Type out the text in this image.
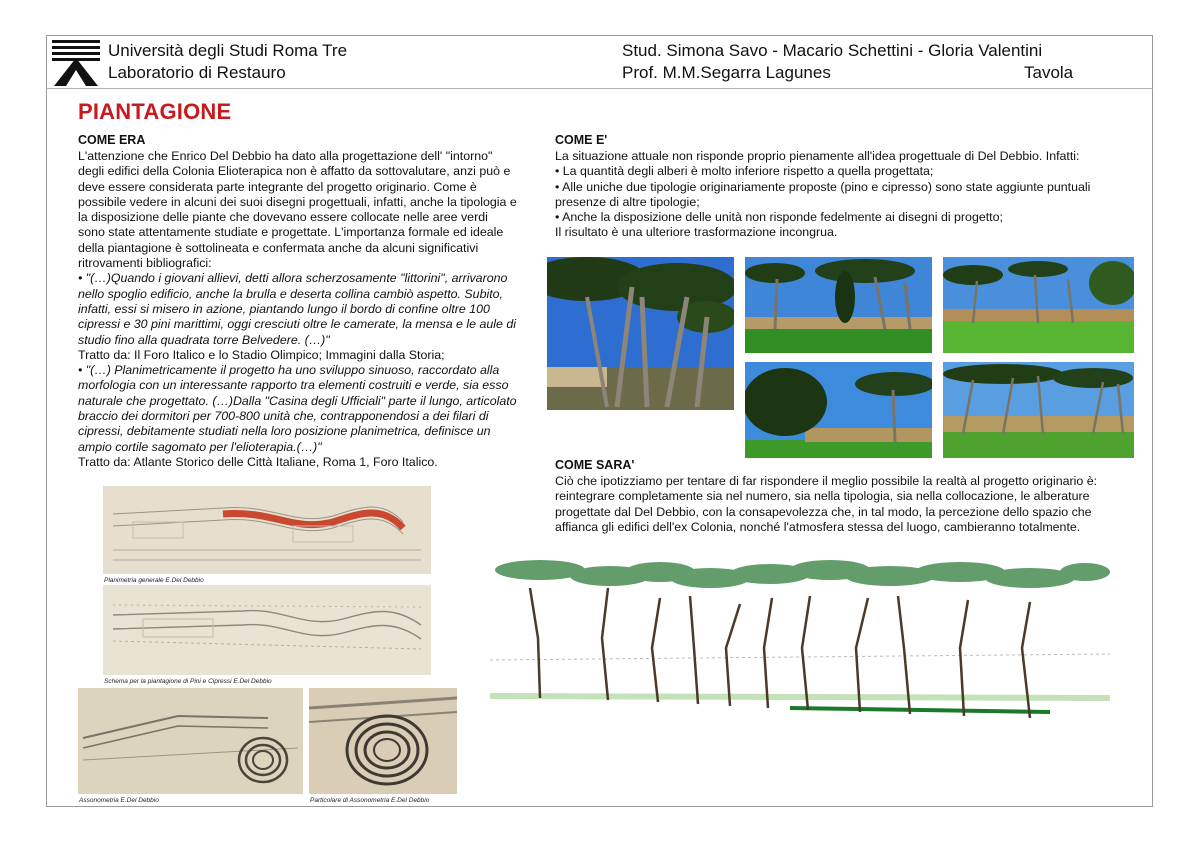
Università degli Studi Roma Tre
Laboratorio di Restauro
Stud. Simona Savo - Macario Schettini - Gloria Valentini
Prof. M.M.Segarra Lagunes	Tavola
PIANTAGIONE
COME ERA

L'attenzione che Enrico Del Debbio ha dato alla progettazione dell' "intorno" degli edifici della Colonia Elioterapica non è affatto da sottovalutare, anzi può e deve essere considerata parte integrante del progetto originario. Come è possibile vedere in alcuni dei suoi disegni progettuali, infatti, anche la tipologia e la disposizione delle piante che dovevano essere collocate nelle aree verdi sono state attentamente studiate e progettate. L'importanza formale ed ideale della piantagione è sottolineata e confermata anche da alcuni significativi ritrovamenti bibliografici:

• "(…)Quando i giovani allievi, detti allora scherzosamente "littorini", arrivarono nello spoglio edificio, anche la brulla e deserta collina cambiò aspetto. Subito, infatti, essi si misero in azione, piantando lungo il bordo di confine oltre 100 cipressi e 30 pini marittimi, oggi cresciuti oltre le camerate, la mensa e le aule di studio fino alla quadrata torre Belvedere. (…)"

Tratto da: Il Foro Italico e lo Stadio Olimpico; Immagini dalla Storia;

• "(…) Planimetricamente il progetto ha uno sviluppo sinuoso, raccordato alla morfologia con un interessante rapporto tra elementi costruiti e verde, sia esso naturale che progettato. (…)Dalla "Casina degli Ufficiali" parte il lungo, articolato braccio dei dormitori per 700-800 unità che, contrapponendosi a dei filari di cipressi, debitamente studiati nella loro posizione planimetrica, definisce un ampio cortile sagomato per l'elioterapia.(…)"

Tratto da: Atlante Storico delle Città Italiane, Roma 1, Foro Italico.

Planimetria generale E.Del Debbio
Schema per la piantagione di Pini e Cipressi E.Del Debbio
Assonometria E.Del Debbio	Particolare di Assonometria E.Del Debbio
COME E'

La situazione attuale non risponde proprio pienamente all'idea progettuale di Del Debbio. Infatti:

• La quantità degli alberi è molto inferiore rispetto a quella progettata;

• Alle uniche due tipologie originariamente proposte (pino e cipresso) sono state aggiunte puntuali presenze di altre tipologie;

• Anche la disposizione delle unità non risponde fedelmente ai disegni di progetto;

Il risultato è una ulteriore trasformazione incongrua.

COME SARA'
Ciò che ipotizziamo per tentare di far rispondere il meglio possibile la realtà al progetto originario è: reintegrare completamente sia nel numero, sia nella tipologia, sia nella collocazione, le alberature progettate dal Del Debbio, con la consapevolezza che, in tal modo, la percezione dello spazio che affianca gli edifici dell'ex Colonia, nonché l'atmosfera stessa del luogo, cambieranno totalmente.
